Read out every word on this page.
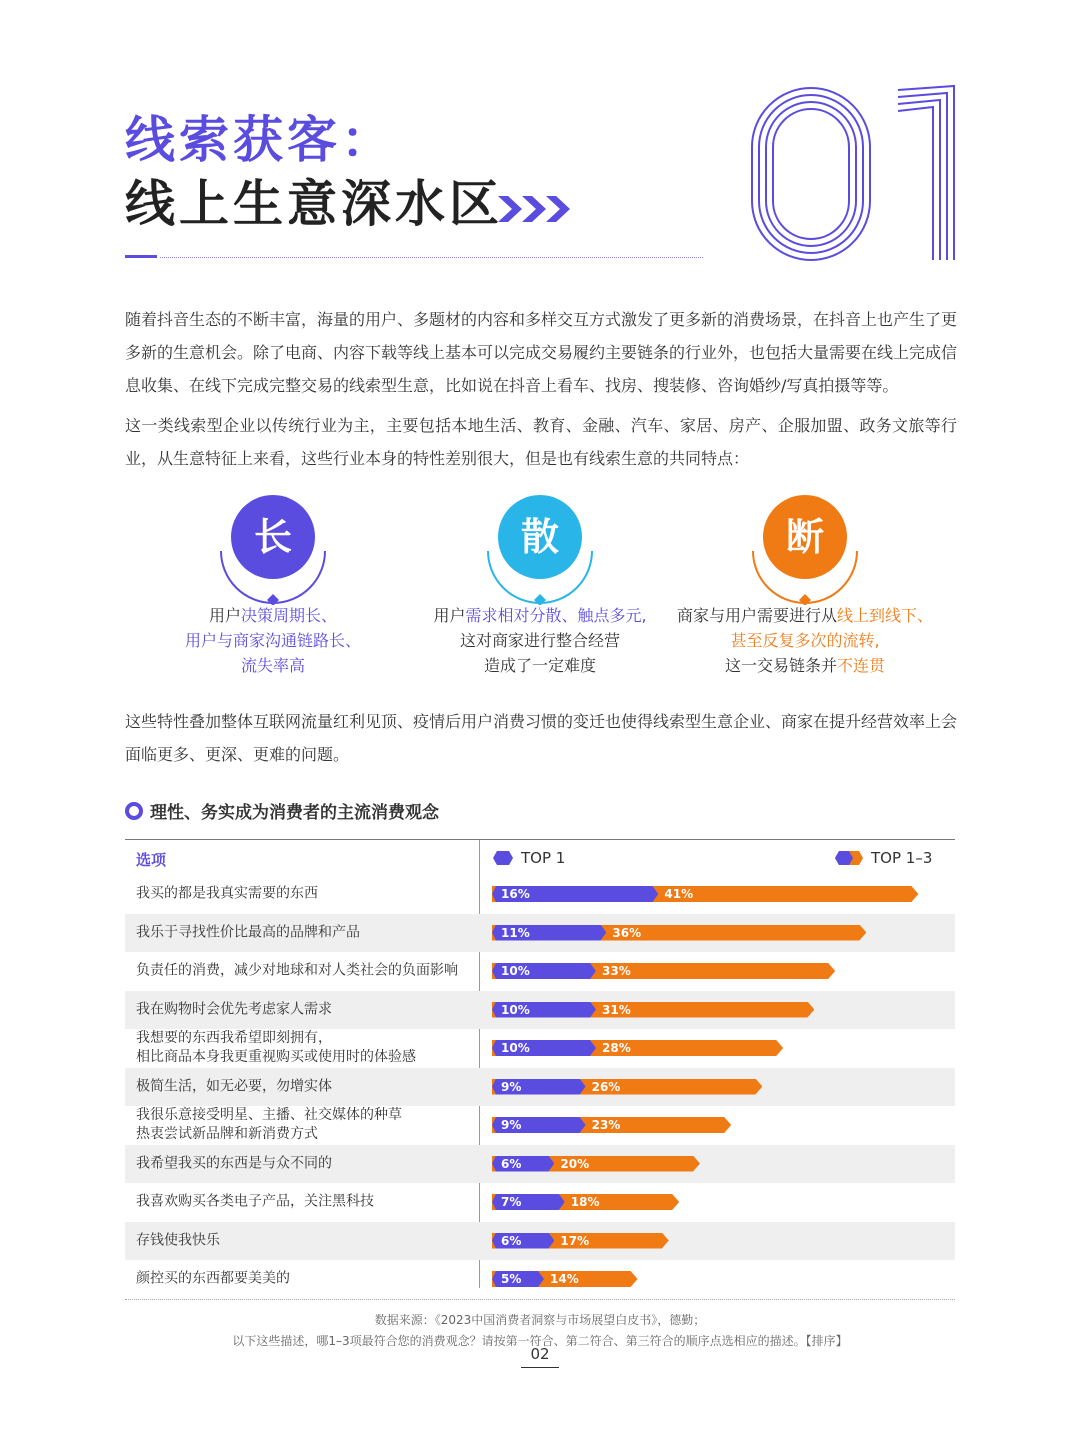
线索获客：
线上生意深水区
随着抖音生态的不断丰富，海量的用户、多题材的内容和多样交互方式激发了更多新的消费场景，在抖音上也产生了更多新的生意机会。除了电商、内容下载等线上基本可以完成交易履约主要链条的行业外，也包括大量需要在线上完成信息收集、在线下完成完整交易的线索型生意，比如说在抖音上看车、找房、搜装修、咨询婚纱/写真拍摄等等。
这一类线索型企业以传统行业为主，主要包括本地生活、教育、金融、汽车、家居、房产、企服加盟、政务文旅等行业，从生意特征上来看，这些行业本身的特性差别很大，但是也有线索生意的共同特点：
长
用户决策周期长、
用户与商家沟通链路长、
流失率高
散
用户需求相对分散、触点多元,
这对商家进行整合经营
造成了一定难度
断
商家与用户需要进行从线上到线下、
甚至反复多次的流转,
这一交易链条并不连贯
这些特性叠加整体互联网流量红利见顶、疫情后用户消费习惯的变迁也使得线索型生意企业、商家在提升经营效率上会面临更多、更深、更难的问题。
理性、务实成为消费者的主流消费观念
选项	TOP 1	TOP 1–3
我买的都是我真实需要的东西	16%	41%
我乐于寻找性价比最高的品牌和产品	11%	36%
负责任的消费，减少对地球和对人类社会的负面影响	10%	33%
我在购物时会优先考虑家人需求	10%	31%
我想要的东西我希望即刻拥有，
相比商品本身我更重视购买或使用时的体验感
10%	28%
极简生活，如无必要，勿增实体	9%	26%
我很乐意接受明星、主播、社交媒体的种草
热衷尝试新品牌和新消费方式
9%	23%
我希望我买的东西是与众不同的	6%	20%
我喜欢购买各类电子产品，关注黑科技	7%	18%
存钱使我快乐	6%	17%
颜控买的东西都要美美的	5% 14%
数据来源：《2023中国消费者洞察与市场展望白皮书》，德勤；
以下这些描述，哪1–3项最符合您的消费观念？请按第一符合、第二符合、第三符合的顺序点选相应的描述。【排序】
02
